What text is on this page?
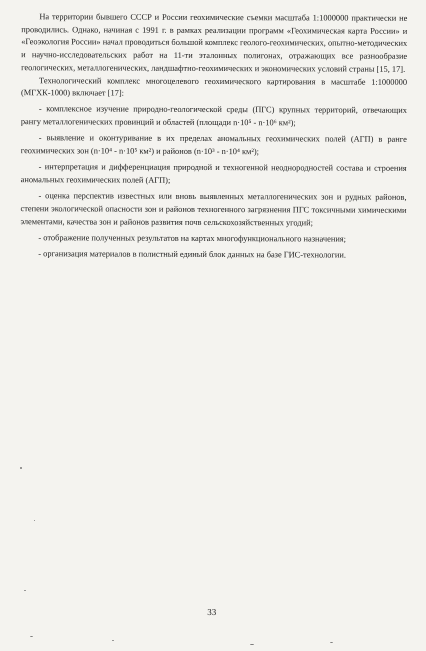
На территории бывшего СССР и России геохимические съемки масштаба 1:1000000 практически не проводились. Однако, начиная с 1991 г. в рамках реализации программ «Геохимическая карта России» и «Геоэкология России» начал проводиться большой комплекс геолого-геохимических, опытно-методических и научно-исследовательских работ на 11-ти эталонных полигонах, отражающих все разнообразие геологических, металлогенических, ландшафтно-геохимических и экономических условий страны [15, 17].

Технологический комплекс многоцелевого геохимического картирования в масштабе 1:1000000 (МГХК-1000) включает [17]:

- комплексное изучение природно-геологической среды (ПГС) крупных территорий, отвечающих рангу металлогенических провинций и областей (площади n·10⁵ - n·10⁶ км²);

- выявление и оконтуривание в их пределах аномальных геохимических полей (АГП) в ранге геохимических зон (n·10⁴ - n·10⁵ км²) и районов (n·10³ - n·10⁴ км²);

- интерпретация и дифференциация природной и техногенной неоднородностей состава и строения аномальных геохимических полей (АГП);

- оценка перспектив известных или вновь выявленных металлогенических зон и рудных районов, степени экологической опасности зон и районов техногенного загрязнения ПГС токсичными химическими элементами, качества зон и районов развития почв сельскохозяйственных угодий;

- отображение полученных результатов на картах многофункционального назначения;

- организация материалов в полистный единый блок данных на базе ГИС-технологии.

33
